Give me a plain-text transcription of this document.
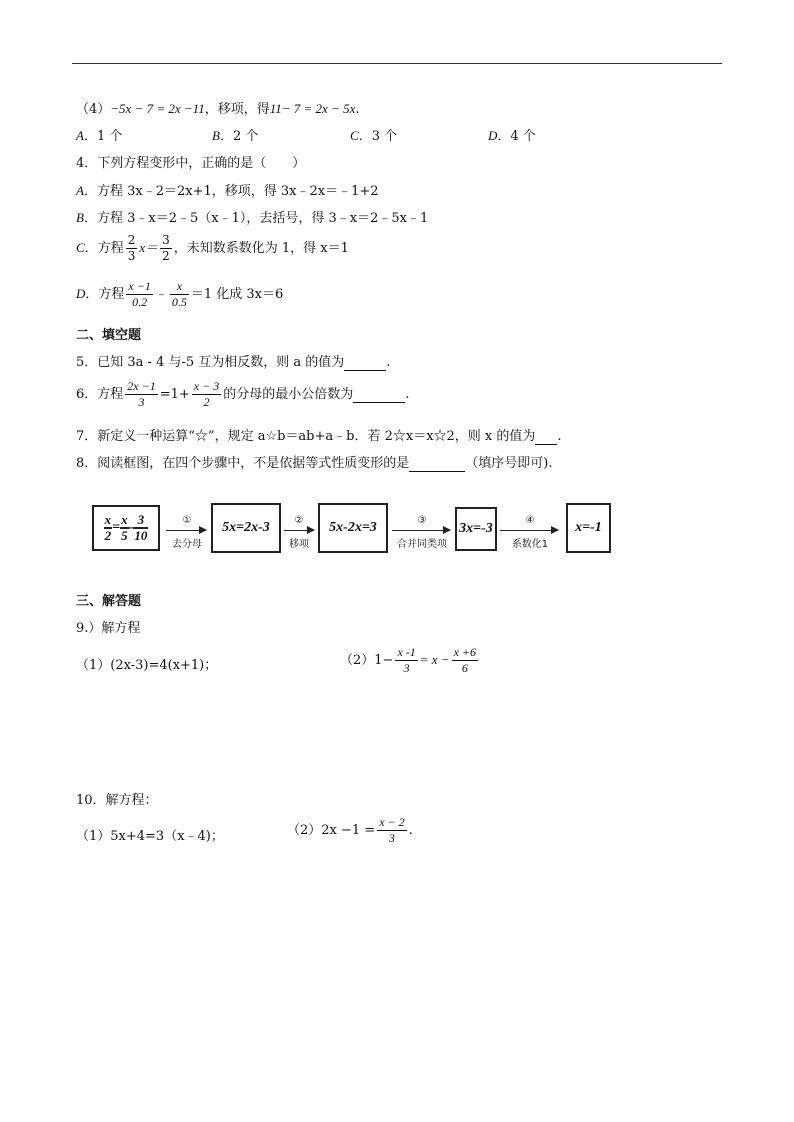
（4）−5x − 7 = 2x −11，移项，得11− 7 = 2x − 5x.
A．1 个	B．2 个	C．3 个	D．4 个
4．下列方程变形中，正确的是（　　）
A．方程 3x﹣2＝2x+1，移项，得 3x﹣2x＝﹣1+2
B．方程 3﹣x＝2﹣5（x﹣1），去括号，得 3﹣x＝2﹣5x﹣1
C．方程 $\frac{2}{3} x= \frac{3}{2}$ ，未知数系数化为 1，得 x＝1
D．方程 $\frac{x -1}{0.2}$ ﹣ $\frac{x}{0.5} =1$ 化成 3x＝6
二、填空题
5．已知 3a - 4 与-5 互为相反数，则 a 的值为	.
6．方程 $\frac{2x -1}{3} =1+ \frac{x - 3}{2}$ 的分母的最小公倍数为	.
7．新定义一种运算“☆”，规定 a☆b＝ab+a﹣b．若 2☆x＝x☆2，则 x 的值为 .
8．阅读框图，在四个步骤中，不是依据等式性质变形的是	（填序号即可).
$\frac{x}{2} = \frac{x}{5} - \frac{3}{10}$	①
去分母
5x=2x-3	②
移项
5x-2x=3	③
合并同类项
3x=-3
④
系数化1
x=-1
三、解答题
9.）解方程
（1）(2x-3)=4(x+1)；	$(2)1- \frac{x -1}{3} = x - \frac{x +6}{6}$
10．解方程：
（1）5x+4=3（x﹣4)；	$(2)2x -1 = \frac{x - 2}{3}$ .
